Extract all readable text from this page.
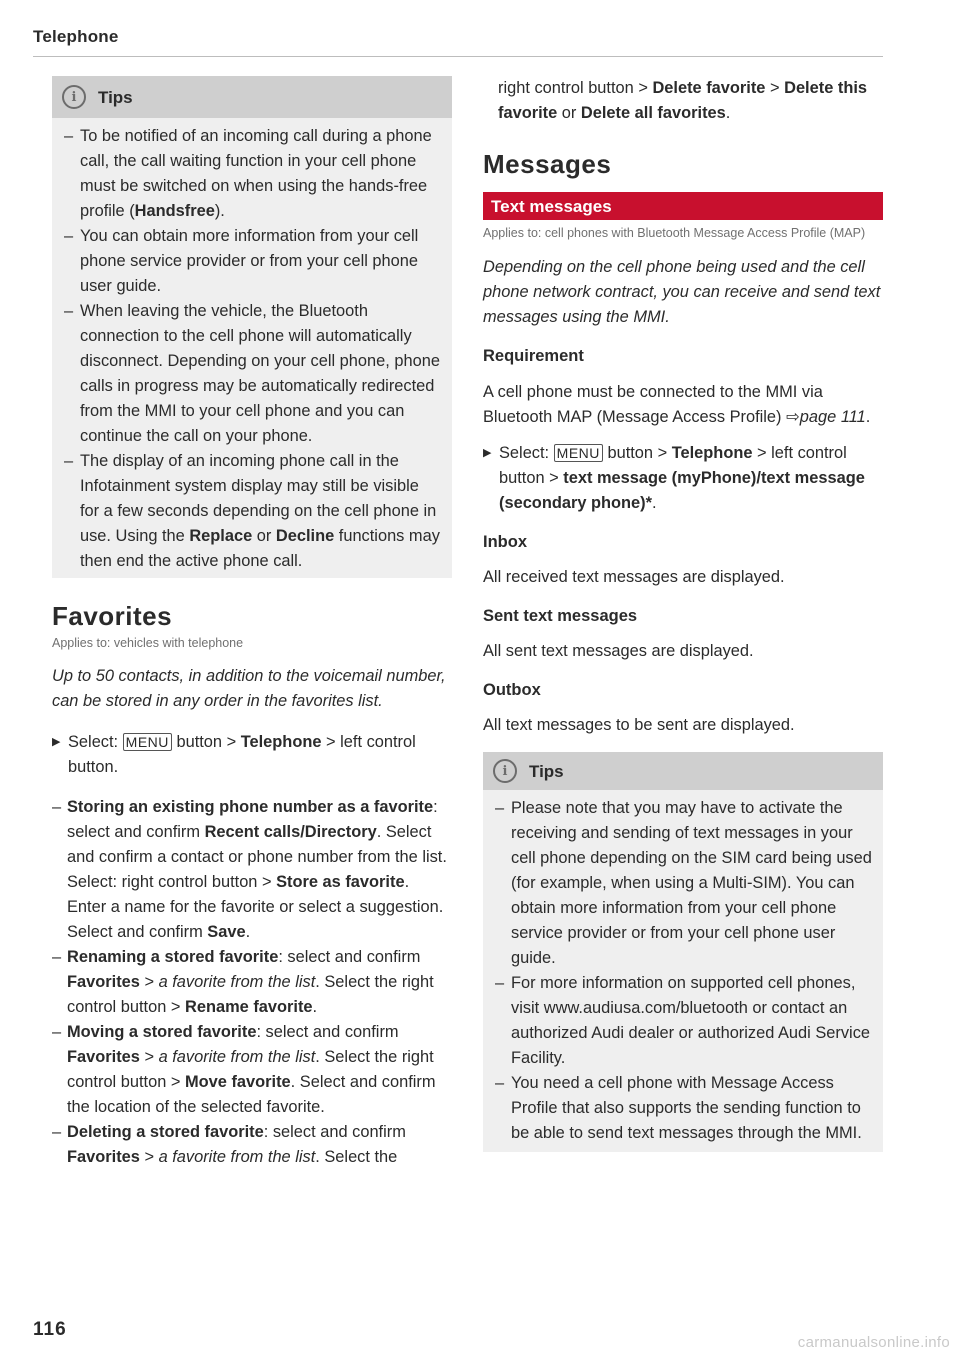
Telephone
i	Tips
– To be notified of an incoming call during a phone call, the call waiting function in your cell phone must be switched on when using the hands-free profile (Handsfree).
– You can obtain more information from your cell phone service provider or from your cell phone user guide.
– When leaving the vehicle, the Bluetooth connection to the cell phone will automatically disconnect. Depending on your cell phone, phone calls in progress may be automatically redirected from the MMI to your cell phone and you can continue the call on your phone.
– The display of an incoming phone call in the Infotainment system display may still be visible for a few seconds depending on the cell phone in use. Using the Replace or Decline functions may then end the active phone call.
Favorites
Applies to: vehicles with telephone
Up to 50 contacts, in addition to the voicemail number, can be stored in any order in the favorites list.
▶ Select: MENU button > Telephone > left control button.
– Storing an existing phone number as a favorite: select and confirm Recent calls/Directory. Select and confirm a contact or phone number from the list. Select: right control button > Store as favorite. Enter a name for the favorite or select a suggestion. Select and confirm Save.
– Renaming a stored favorite: select and confirm Favorites > a favorite from the list. Select the right control button > Rename favorite.
– Moving a stored favorite: select and confirm Favorites > a favorite from the list. Select the right control button > Move favorite. Select and confirm the location of the selected favorite.
– Deleting a stored favorite: select and confirm Favorites > a favorite from the list. Select the
right control button > Delete favorite > Delete this favorite or Delete all favorites.
Messages
Text messages
Applies to: cell phones with Bluetooth Message Access Profile (MAP)
Depending on the cell phone being used and the cell phone network contract, you can receive and send text messages using the MMI.
Requirement
A cell phone must be connected to the MMI via Bluetooth MAP (Message Access Profile) ⇨page 111.
▶ Select: MENU button > Telephone > left control button > text message (myPhone)/text message (secondary phone)*.
Inbox
All received text messages are displayed.
Sent text messages
All sent text messages are displayed.
Outbox
All text messages to be sent are displayed.
i	Tips
– Please note that you may have to activate the receiving and sending of text messages in your cell phone depending on the SIM card being used (for example, when using a Multi-SIM). You can obtain more information from your cell phone service provider or from your cell phone user guide.
– For more information on supported cell phones, visit www.audiusa.com/bluetooth or contact an authorized Audi dealer or authorized Audi Service Facility.
– You need a cell phone with Message Access Profile that also supports the sending function to be able to send text messages through the MMI.
116
carmanualsonline.info
